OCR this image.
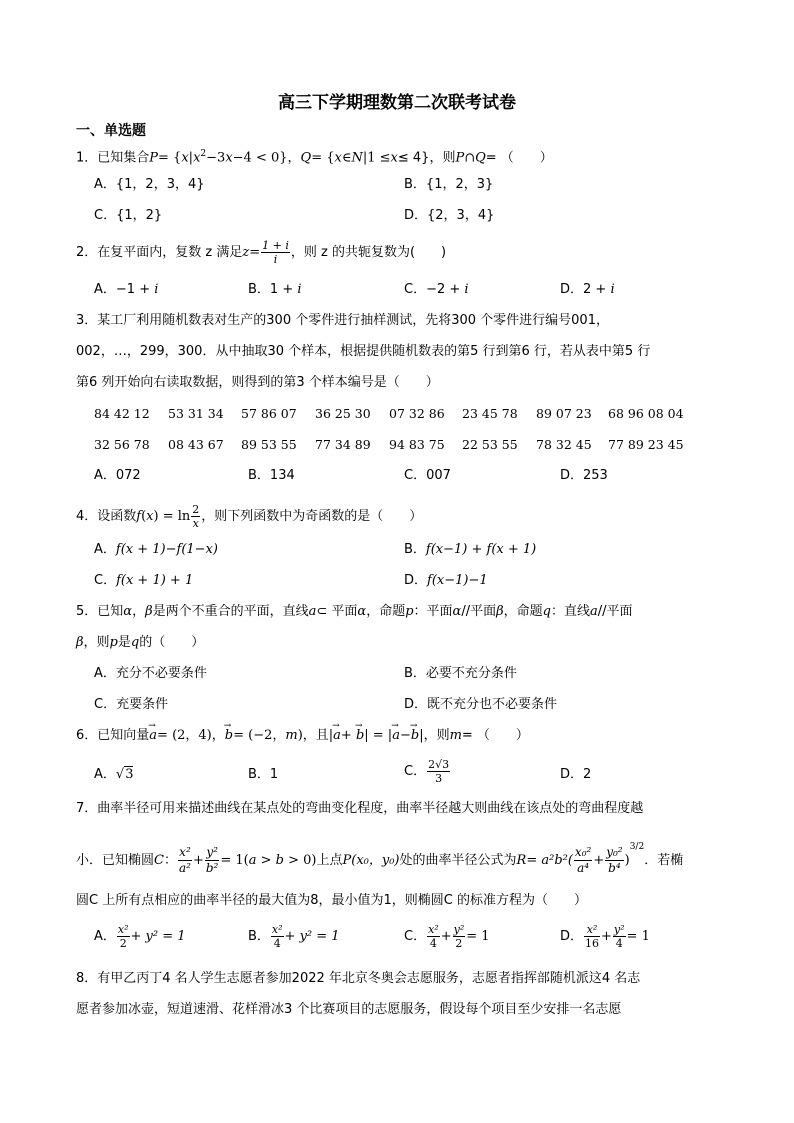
高三下学期理数第二次联考试卷
一、单选题
1．已知集合$P= \{x|x^2-3x-4 < 0\}$，Q= {x∈N|1 ≤x≤ 4}，则P∩Q= （　　）
A．{1，2，3，4}	B．{1，2，3}
C．{1，2}	D．{2，3，4}
2．在复平面内，复数 z 满足$z= \frac{1 + i}{i}$ ，则 z 的共轭复数为(　　)
A．−1 + i	B．1 + i	C．−2 + i	D．2 + i
3．某工厂利用随机数表对生产的300 个零件进行抽样测试，先将300 个零件进行编号001，
002，…，299，300．从中抽取30 个样本，根据提供随机数表的第5 行到第6 行，若从表中第5 行
第6 列开始向右读取数据，则得到的第3 个样本编号是（　　）
84 42 12 53 31 34 57 86 07 36 25 30 07 32 86 23 45 78 89 07 23 68 96 08 04
32 56 78 08 43 67 89 53 55 77 34 89 94 83 75 22 53 55 78 32 45 77 89 23 45
A．072	B．134	C．007	D．253
4．设函数$f(x) = \ln \frac{2}{x}$ ，则下列函数中为奇函数的是（　　）
A．f(x + 1)−f(1−x)	B．f(x−1) + f(x + 1)
C．f(x + 1) + 1	D．f(x−1)−1
5．已知α，β是两个不重合的平面，直线a⊂ 平面α，命题p：平面α//平面β，命题q：直线a//平面
β，则p是q的（　　）
A．充分不必要条件	B．必要不充分条件
C．充要条件	D．既不充分也不必要条件
6．已知向量→ a= (2，4)，→ b= (−2，m)，且|→ a+ → b| = |→ a−→ b|，则m= （　　）
A．√3	B．1	C． $\frac{2√3}{3}$	D．2
7．曲率半径可用来描述曲线在某点处的弯曲变化程度，曲率半径越大则曲线在该点处的弯曲程度越
小．已知椭圆C： $\frac{\text{x²}}{\text{a²}} + \frac{\text{y²}}{\text{b²}} = 1(a > b > 0)$上点P(x₀，y₀)处的曲率半径公式为$R= a^2b^2( \frac{\text{x₀²}}{\text{a⁴}} + \frac{\text{y₀²}}{\text{b⁴}} )^{3/2}$．若椭
圆C 上所有点相应的曲率半径的最大值为8，最小值为1，则椭圆C 的标准方程为（　　）
A． $\frac{\text{x²}}{2} + y^2 = 1$	B． $\frac{\text{x²}}{4} + y^2 = 1$	C． $\frac{\text{x²}}{4} + \frac{\text{y²}}{2} = 1$	D． $\frac{\text{x²}}{16} + \frac{\text{y²}}{4} = 1$
8．有甲乙丙丁4 名人学生志愿者参加2022 年北京冬奥会志愿服务，志愿者指挥部随机派这4 名志
愿者参加冰壶，短道速滑、花样滑冰3 个比赛项目的志愿服务，假设每个项目至少安排一名志愿
